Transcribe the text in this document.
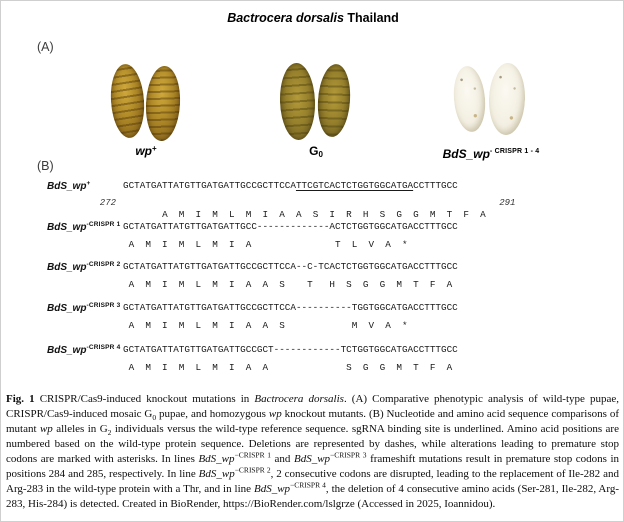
Bactrocera dorsalis Thailand
(A)
wp+	G0	$BdS\_wp^{- CRISPR 1 - 4}$
(B)
BdS_wp+	GCTATGATTATGTTGATGATTGCCGCTTCCATTCGTCACTCTGGTGGCATGACCTTTGCC

272
A  M  I  M  L  M  I  A  A  S  I  R  H  S  G  G  M  T  F  A
291

$BdS\_wp^{-CRISPR 1}$ GCTATGATTATGTTGATGATTGCC-------------ACTCTGGTGGCATGACCTTTGCC
A  M  I  M  L  M  I  A               T  L  V  A  *
$BdS\_wp^{-CRISPR 2}$ GCTATGATTATGTTGATGATTGCCGCTTCCA--C-TCACTCTGGTGGCATGACCTTTGCC
A  M  I  M  L  M  I  A  A  S    T   H  S  G  G  M  T  F  A
$BdS\_wp^{-CRISPR 3}$ GCTATGATTATGTTGATGATTGCCGCTTCCA----------TGGTGGCATGACCTTTGCC
A  M  I  M  L  M  I  A  A  S            M  V  A  *
$BdS\_wp^{-CRISPR 4}$ GCTATGATTATGTTGATGATTGCCGCT------------TCTGGTGGCATGACCTTTGCC
A  M  I  M  L  M  I  A  A              S  G  G  M  T  F  A
Fig. 1 CRISPR/Cas9-induced knockout mutations in Bactrocera dorsalis. (A) Comparative phenotypic analysis of wild-type pupae, CRISPR/Cas9-induced mosaic $G_0$ pupae, and homozygous wp knockout mutants. (B) Nucleotide and amino acid sequence comparisons of mutant wp alleles in $G_2$ individuals versus the wild-type reference sequence. sgRNA binding site is underlined. Amino acid positions are numbered based on the wild-type protein sequence. Deletions are represented by dashes, while alterations leading to premature stop codons are marked with asterisks. In lines $BdS\_wp^{-CRISPR 1}$ and $BdS\_wp^{-CRISPR 3}$ frameshift mutations result in premature stop codons in positions 284 and 285, respectively. In line $BdS\_wp^{-CRISPR 2}$, 2 consecutive codons are disrupted, leading to the replacement of Ile-282 and Arg-283 in the wild-type protein with a Thr, and in line $BdS\_wp^{-CRISPR 4}$, the deletion of 4 consecutive amino acids (Ser-281, Ile-282, Arg-283, His-284) is detected. Created in BioRender, https://BioRender.com/lslgrze (Accessed in 2025, Ioannidou).
